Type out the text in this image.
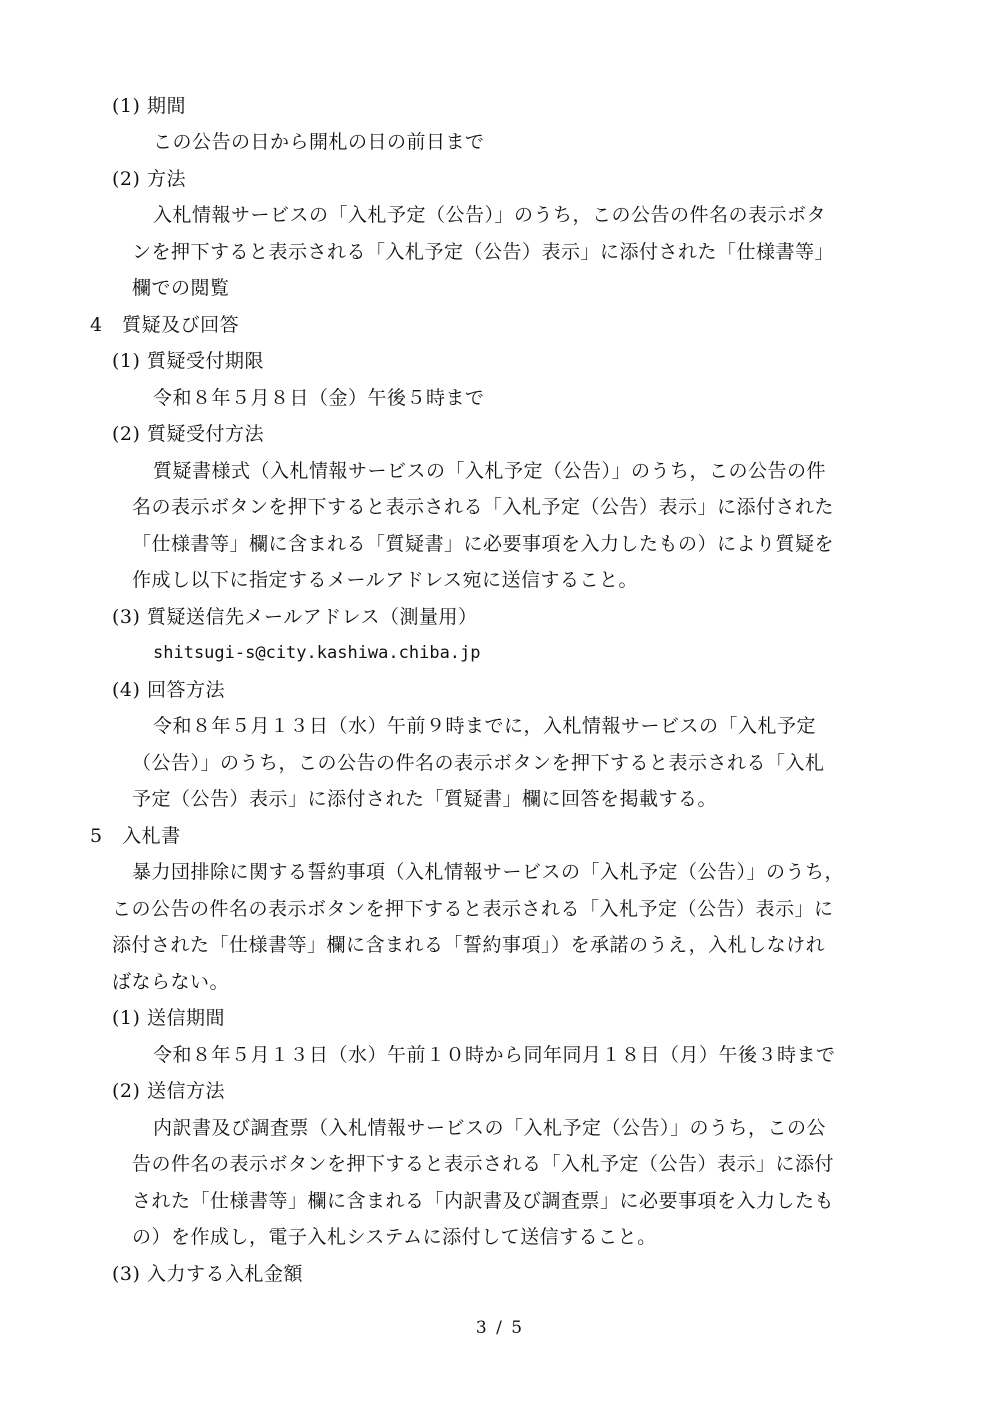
(1) 期間
この公告の日から開札の日の前日まで
(2) 方法
入札情報サービスの「入札予定（公告）」のうち，この公告の件名の表示ボタ
ンを押下すると表示される「入札予定（公告）表示」に添付された「仕様書等」
欄での閲覧
4　質疑及び回答
(1) 質疑受付期限
令和８年５月８日（金）午後５時まで
(2) 質疑受付方法
質疑書様式（入札情報サービスの「入札予定（公告）」のうち，この公告の件
名の表示ボタンを押下すると表示される「入札予定（公告）表示」に添付された
「仕様書等」欄に含まれる「質疑書」に必要事項を入力したもの）により質疑を
作成し以下に指定するメールアドレス宛に送信すること。
(3) 質疑送信先メールアドレス（測量用）
shitsugi-s@city.kashiwa.chiba.jp
(4) 回答方法
令和８年５月１３日（水）午前９時までに，入札情報サービスの「入札予定
（公告）」のうち，この公告の件名の表示ボタンを押下すると表示される「入札
予定（公告）表示」に添付された「質疑書」欄に回答を掲載する。
5　入札書
暴力団排除に関する誓約事項（入札情報サービスの「入札予定（公告）」のうち，
この公告の件名の表示ボタンを押下すると表示される「入札予定（公告）表示」に
添付された「仕様書等」欄に含まれる「誓約事項」）を承諾のうえ，入札しなけれ
ばならない。
(1) 送信期間
令和８年５月１３日（水）午前１０時から同年同月１８日（月）午後３時まで
(2) 送信方法
内訳書及び調査票（入札情報サービスの「入札予定（公告）」のうち，この公
告の件名の表示ボタンを押下すると表示される「入札予定（公告）表示」に添付
された「仕様書等」欄に含まれる「内訳書及び調査票」に必要事項を入力したも
の）を作成し，電子入札システムに添付して送信すること。
(3) 入力する入札金額
3 / 5
